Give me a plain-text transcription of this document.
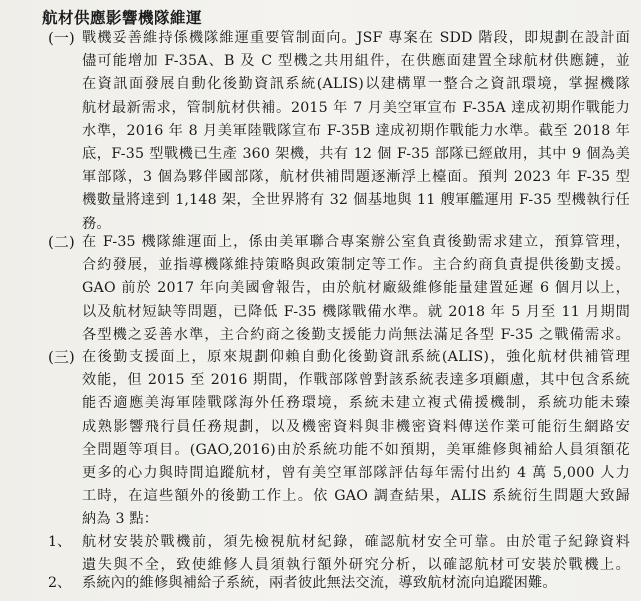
航材供應影響機隊維運
(一) 戰機妥善維持係機隊維運重要管制面向。JSF 專案在 SDD 階段，即規劃在設計面
儘可能增加 F-35A、B 及 C 型機之共用組件，在供應面建置全球航材供應鏈，並
在資訊面發展自動化後勤資訊系統(ALIS)以建構單一整合之資訊環境，掌握機隊
航材最新需求，管制航材供補。2015 年 7 月美空軍宣布 F-35A 達成初期作戰能力
水準，2016 年 8 月美軍陸戰隊宣布 F-35B 達成初期作戰能力水準。截至 2018 年
底，F-35 型戰機已生產 360 架機，共有 12 個 F-35 部隊已經啟用，其中 9 個為美
軍部隊，3 個為夥伴國部隊，航材供補問題逐漸浮上檯面。預判 2023 年 F-35 型
機數量將達到 1,148 架，全世界將有 32 個基地與 11 艘軍艦運用 F-35 型機執行任
務。
(二) 在 F-35 機隊維運面上，係由美軍聯合專案辦公室負責後勤需求建立，預算管理，
合約發展，並指導機隊維持策略與政策制定等工作。主合約商負責提供後勤支援。
GAO 前於 2017 年向美國會報告，由於航材廠級維修能量建置延遲 6 個月以上，
以及航材短缺等問題，已降低 F-35 機隊戰備水準。就 2018 年 5 月至 11 月期間
各型機之妥善水準，主合約商之後勤支援能力尚無法滿足各型 F-35 之戰備需求。
(三) 在後勤支援面上，原來規劃仰賴自動化後勤資訊系統(ALIS)，強化航材供補管理
效能，但 2015 至 2016 期間，作戰部隊曾對該系統表達多項顧慮，其中包含系統
能否適應美海軍陸戰隊海外任務環境，系統未建立複式備援機制，系統功能未臻
成熟影響飛行員任務規劃，以及機密資料與非機密資料傳送作業可能衍生網路安
全問題等項目。(GAO,2016)由於系統功能不如預期，美軍維修與補給人員須額花
更多的心力與時間追蹤航材，曾有美空軍部隊評估每年需付出約 4 萬 5,000 人力
工時，在這些額外的後勤工作上。依 GAO 調查結果，ALIS 系統衍生問題大致歸
納為 3 點：
1、 航材安裝於戰機前，須先檢視航材紀錄，確認航材安全可靠。由於電子紀錄資料
遺失與不全，致使維修人員須執行額外研究分析，以確認航材可安裝於戰機上。
2、 系統內的維修與補給子系統，兩者彼此無法交流，導致航材流向追蹤困難。
